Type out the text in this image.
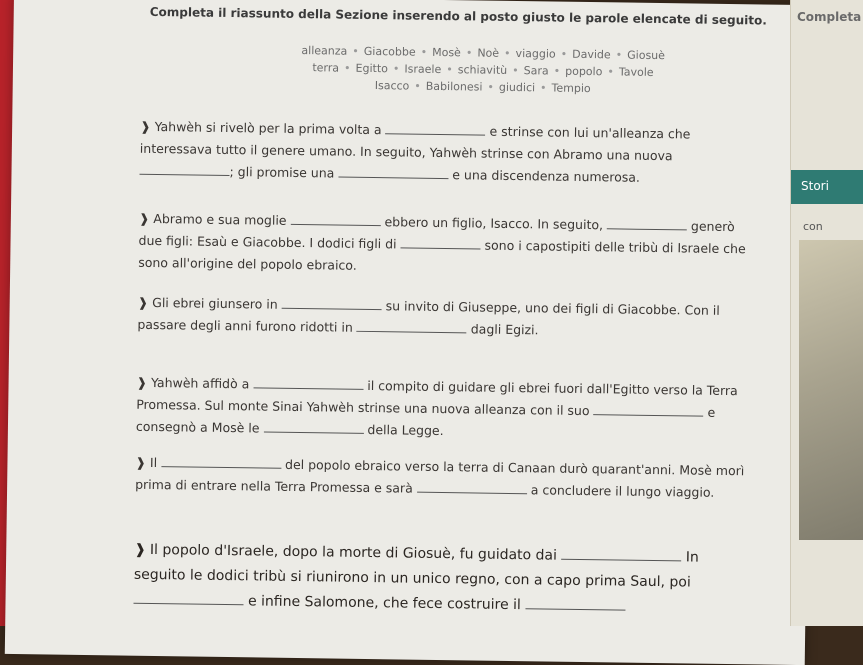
Completa il riassunto della Sezione inserendo al posto giusto le parole elencate di seguito.
alleanza • Giacobbe • Mosè • Noè • viaggio • Davide • Giosuè
terra • Egitto • Israele • schiavitù • Sara • popolo • Tavole
Isacco • Babilonesi • giudici • Tempio
❱ Yahwèh si rivelò per la prima volta a	e strinse con lui un'alleanza che interessava tutto il genere umano. In seguito, Yahwèh strinse con Abramo una nuova ; gli promise una	e una discendenza numerosa.
❱ Abramo e sua moglie	ebbero un figlio, Isacco. In seguito,	generò due figli: Esaù e Giacobbe. I dodici figli di	sono i capostipiti delle tribù di Israele che sono all'origine del popolo ebraico.
❱ Gli ebrei giunsero in	su invito di Giuseppe, uno dei figli di Giacobbe. Con il passare degli anni furono ridotti in	dagli Egizi.
❱ Yahwèh affidò a	il compito di guidare gli ebrei fuori dall'Egitto verso la Terra Promessa. Sul monte Sinai Yahwèh strinse una nuova alleanza con il suo	e consegnò a Mosè le	della Legge.
❱ Il	del popolo ebraico verso la terra di Canaan durò quarant'anni. Mosè morì prima di entrare nella Terra Promessa e sarà	a concludere il lungo viaggio.
❱ Il popolo d'Israele, dopo la morte di Giosuè, fu guidato dai	In seguito le dodici tribù si riunirono in un unico regno, con a capo prima Saul, poi  e infine Salomone, che fece costruire il
Completa
Stori
con
